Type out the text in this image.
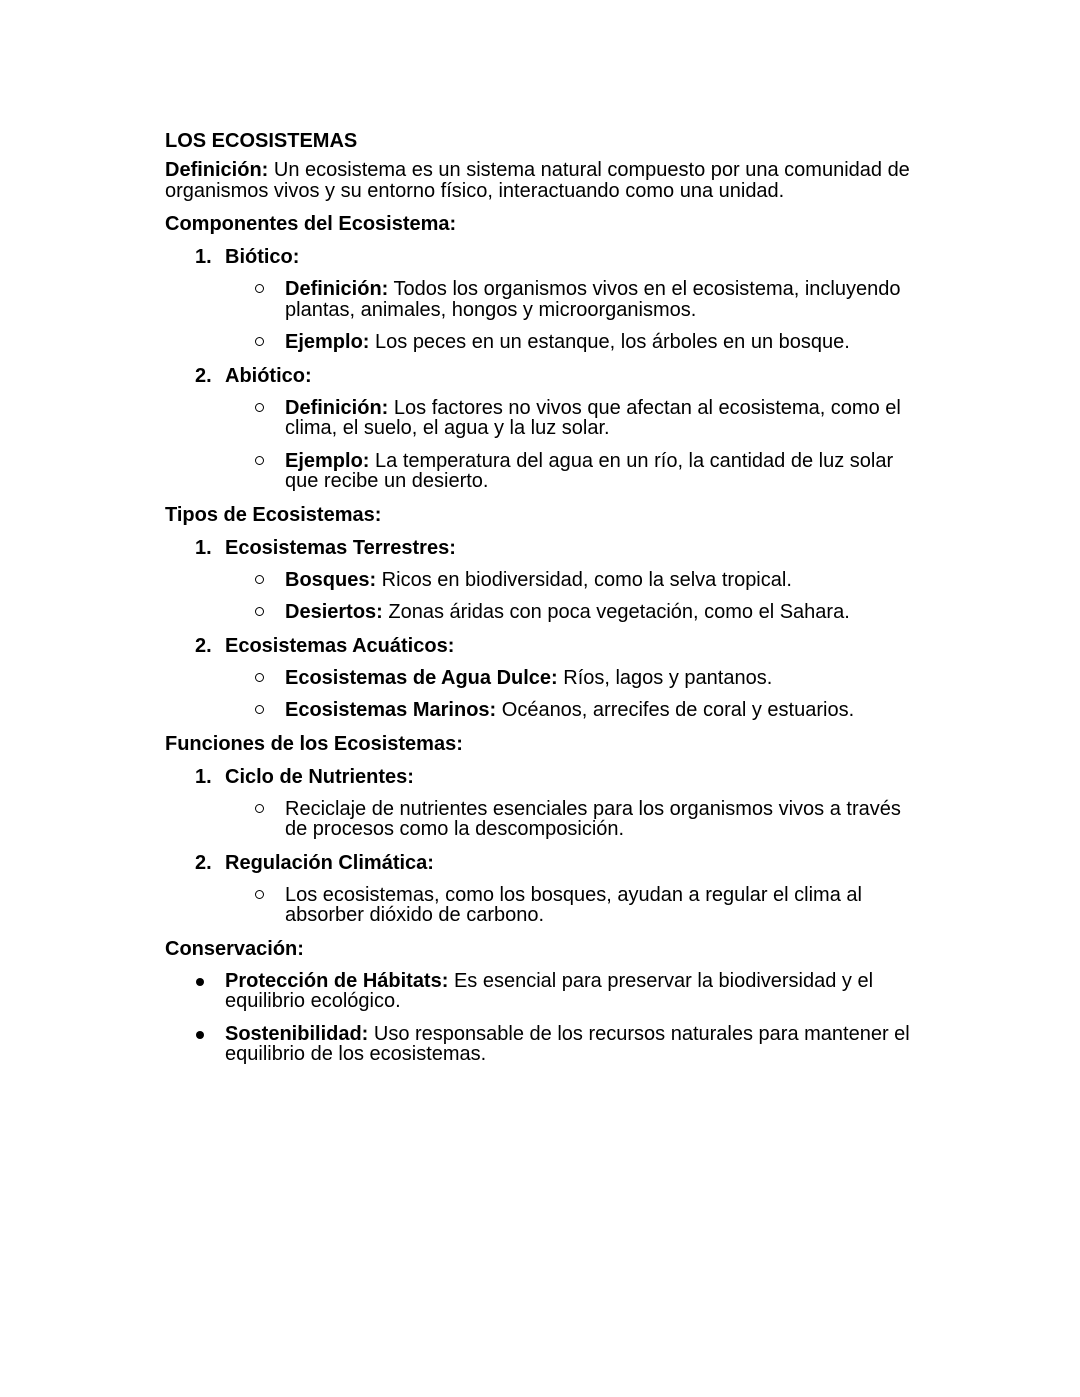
LOS ECOSISTEMAS

Definición: Un ecosistema es un sistema natural compuesto por una comunidad de organismos vivos y su entorno físico, interactuando como una unidad.

Componentes del Ecosistema:
1. Biótico:
Definición: Todos los organismos vivos en el ecosistema, incluyendo plantas, animales, hongos y microorganismos.
Ejemplo: Los peces en un estanque, los árboles en un bosque.
2. Abiótico:
Definición: Los factores no vivos que afectan al ecosistema, como el clima, el suelo, el agua y la luz solar.
Ejemplo: La temperatura del agua en un río, la cantidad de luz solar que recibe un desierto.
Tipos de Ecosistemas:
1. Ecosistemas Terrestres:
Bosques: Ricos en biodiversidad, como la selva tropical.
Desiertos: Zonas áridas con poca vegetación, como el Sahara.
2. Ecosistemas Acuáticos:
Ecosistemas de Agua Dulce: Ríos, lagos y pantanos.
Ecosistemas Marinos: Océanos, arrecifes de coral y estuarios.
Funciones de los Ecosistemas:
1. Ciclo de Nutrientes:
Reciclaje de nutrientes esenciales para los organismos vivos a través de procesos como la descomposición.
2. Regulación Climática:
Los ecosistemas, como los bosques, ayudan a regular el clima al absorber dióxido de carbono.
Conservación:
Protección de Hábitats: Es esencial para preservar la biodiversidad y el equilibrio ecológico.
Sostenibilidad: Uso responsable de los recursos naturales para mantener el equilibrio de los ecosistemas.
